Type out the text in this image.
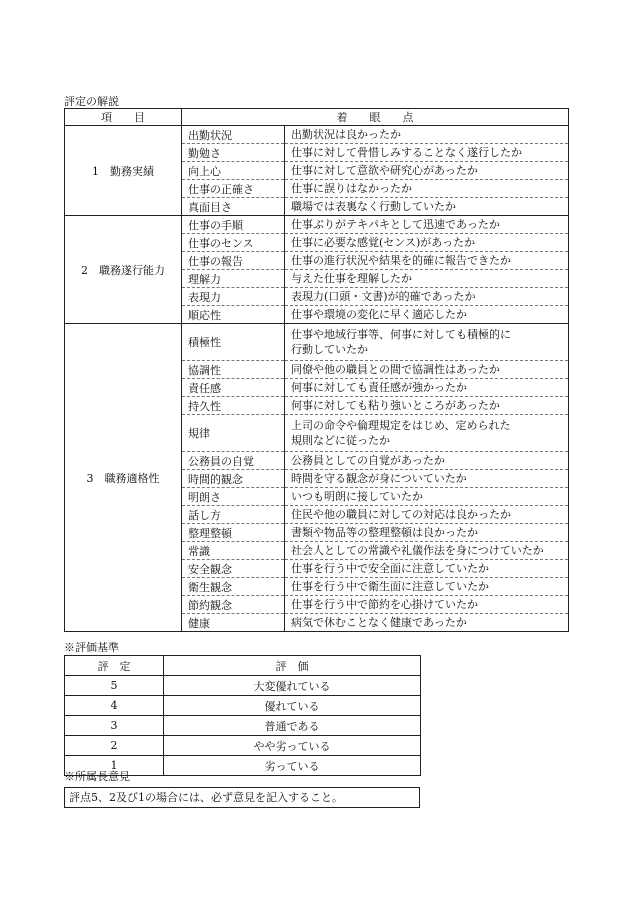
評定の解説
項　　目	着　　眼　　点	
1　勤務実績	出勤状況	出勤状況は良かったか

	勤勉さ	仕事に対して骨惜しみすることなく遂行したか

	向上心	仕事に対して意欲や研究心があったか

	仕事の正確さ	仕事に誤りはなかったか

	真面目さ	職場では表裏なく行動していたか

2　職務遂行能力	仕事の手順	仕事ぶりがテキパキとして迅速であったか

	仕事のセンス	仕事に必要な感覚(センス)があったか

	仕事の報告	仕事の進行状況や結果を的確に報告できたか

	理解力	与えた仕事を理解したか

	表現力	表現力(口頭・文書)が的確であったか

	順応性	仕事や環境の変化に早く適応したか

3　職務適格性	積極性	仕事や地域行事等、何事に対しても積極的に
行動していたか

	協調性	同僚や他の職員との間で協調性はあったか

	責任感	何事に対しても責任感が強かったか

	持久性	何事に対しても粘り強いところがあったか

	規律	上司の命令や倫理規定をはじめ、定められた
規則などに従ったか

	公務員の自覚	公務員としての自覚があったか

	時間的観念	時間を守る観念が身についていたか

	明朗さ	いつも明朗に接していたか

	話し方	住民や他の職員に対しての対応は良かったか

	整理整頓	書類や物品等の整理整頓は良かったか

	常識	社会人としての常識や礼儀作法を身につけていたか

	安全観念	仕事を行う中で安全面に注意していたか

	衛生観念	仕事を行う中で衛生面に注意していたか

	節約観念	仕事を行う中で節約を心掛けていたか

	健康	病気で休むことなく健康であったか
※評価基準
評　定	評　価
5	大変優れている
4	優れている
3	普通である
2	やや劣っている
1	劣っている
※所属長意見
評点5、2及び1の場合には、必ず意見を記入すること。
